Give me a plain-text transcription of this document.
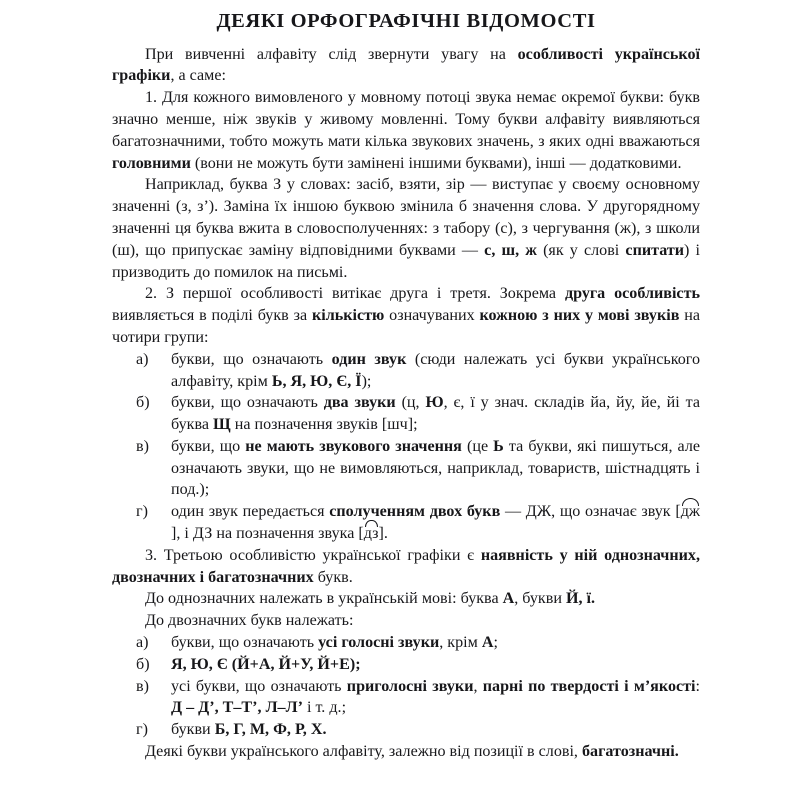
ДЕЯКІ ОРФОГРАФІЧНІ ВІДОМОСТІ

При вивченні алфавіту слід звернути увагу на особливості української графіки, а саме:

1. Для кожного вимовленого у мовному потоці звука немає окремої букви: букв значно менше, ніж звуків у живому мовленні. Тому букви алфавіту виявляються багатозначними, тобто можуть мати кілька звукових значень, з яких одні вважаються головними (вони не можуть бути замінені іншими буквами), інші — додатковими.

Наприклад, буква З у словах: засіб, взяти, зір — виступає у своєму основному значенні (з, з’). Заміна їх іншою буквою змінила б значення слова. У другорядному значенні ця буква вжита в словосполученнях: з табору (с), з чергування (ж), з школи (ш), що припускає заміну відповідними буквами — с, ш, ж (як у слові спитати) і призводить до помилок на письмі.

2. З першої особливості витікає друга і третя. Зокрема друга особливість виявляється в поділі букв за кількістю означуваних кожною з них у мові звуків на чотири групи:

а)	букви, що означають один звук (сюди належать усі букви українського алфавіту, крім Ь, Я, Ю, Є, Ї);
б)	букви, що означають два звуки (ц, Ю, є, ї у знач. складів йа, йу, йе, йі та буква Щ на позначення звуків [шч];
в)	букви, що не мають звукового значення (це Ь та букви, які пишуться, але означають звуки, що не вимовляються, наприклад, товариств, шістнадцять і под.);
г)	один звук передається сполученням двох букв — ДЖ, що означає звук [дж], і ДЗ на позначення звука [дз].

3. Третьою особливістю української графіки є наявність у ній однозначних, двозначних і багатозначних букв.

До однозначних належать в українській мові: буква А, букви Й, ї.

До двозначних букв належать:

а)	букви, що означають усі голосні звуки, крім А;
б)	Я, Ю, Є (Й+А, Й+У, Й+Е);
в)	усі букви, що означають приголосні звуки, парні по твердості і м’якості: Д – Д’, Т–Т’, Л–Л’ і т. д.;
г)	букви Б, Г, М, Ф, Р, Х.

Деякі букви українського алфавіту, залежно від позиції в слові, багатозначні.
